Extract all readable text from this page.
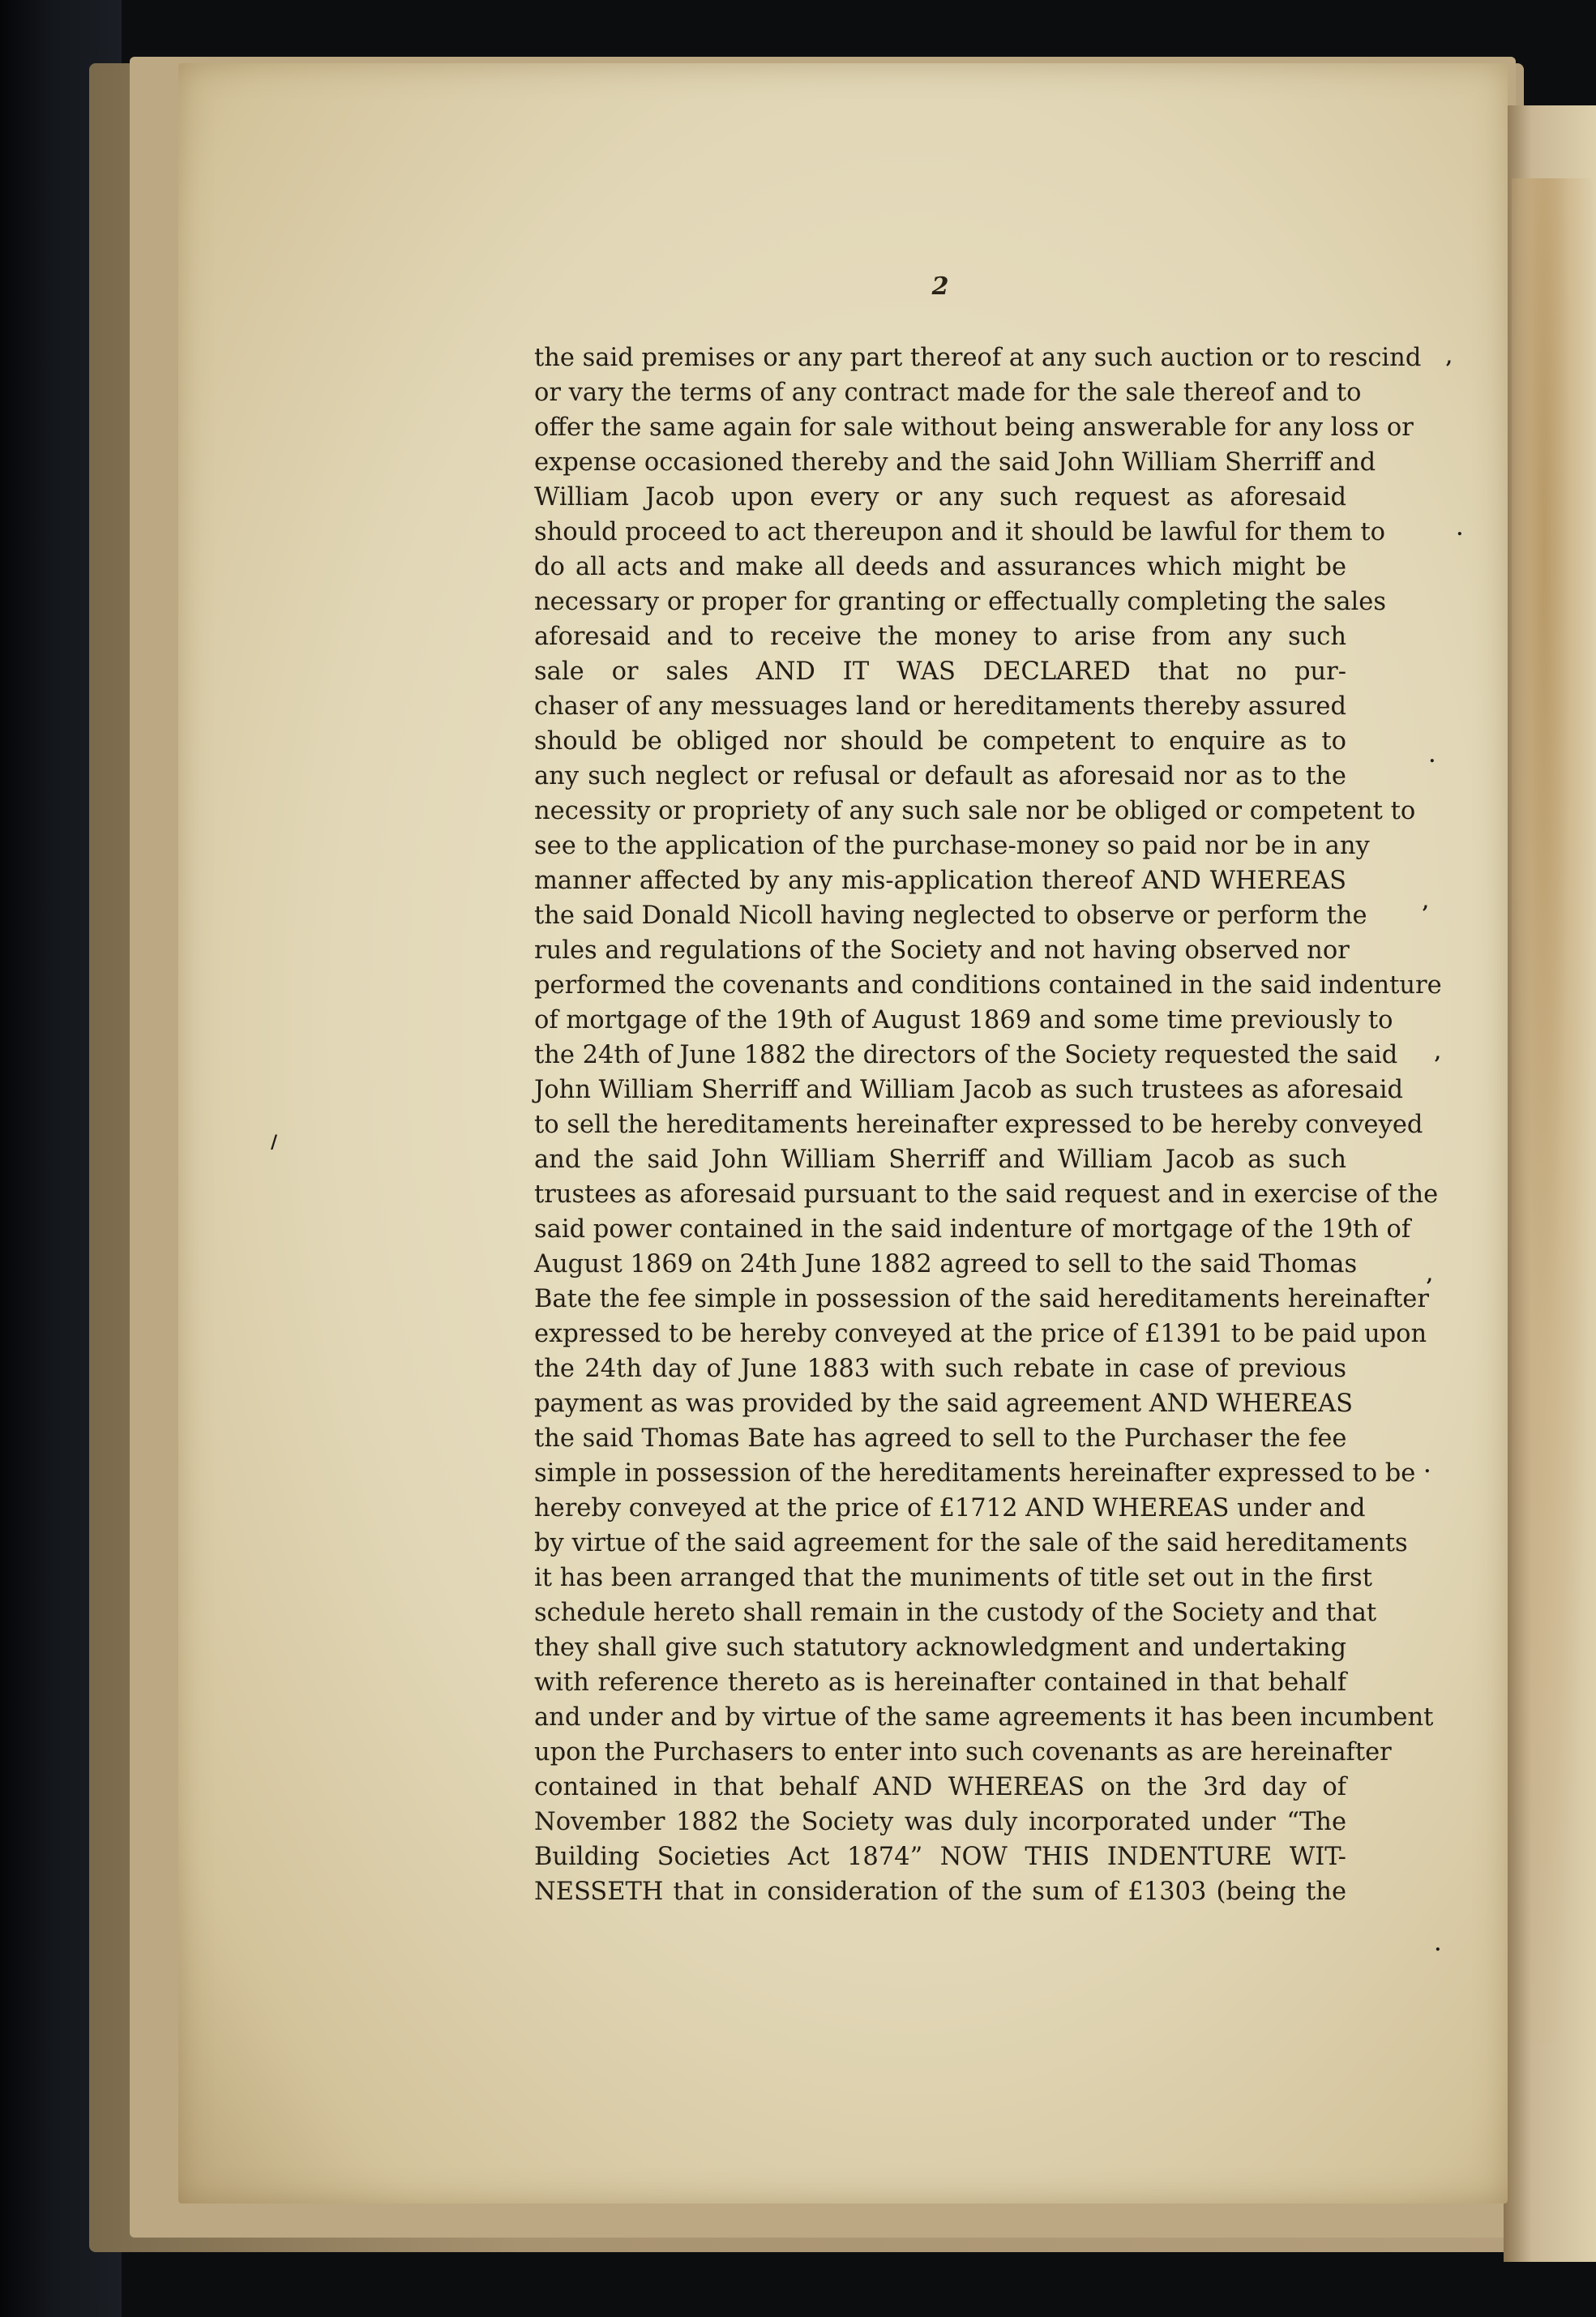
2
the said premises or any part thereof at any such auction or to rescind
or vary the terms of any contract made for the sale thereof and to
offer the same again for sale without being answerable for any loss or
expense occasioned thereby and the said John William Sherriff and
William Jacob upon every or any such request as aforesaid
should proceed to act thereupon and it should be lawful for them to
do all acts and make all deeds and assurances which might be
necessary or proper for granting or effectually completing the sales
aforesaid and to receive the money to arise from any such
sale or sales AND IT WAS DECLARED that no pur-
chaser of any messuages land or hereditaments thereby assured
should be obliged nor should be competent to enquire as to
any such neglect or refusal or default as aforesaid nor as to the
necessity or propriety of any such sale nor be obliged or competent to
see to the application of the purchase-money so paid nor be in any
manner affected by any mis-application thereof AND WHEREAS
the said Donald Nicoll having neglected to observe or perform the
rules and regulations of the Society and not having observed nor
performed the covenants and conditions contained in the said indenture
of mortgage of the 19th of August 1869 and some time previously to
the 24th of June 1882 the directors of the Society requested the said
John William Sherriff and William Jacob as such trustees as aforesaid
to sell the hereditaments hereinafter expressed to be hereby conveyed
and the said John William Sherriff and William Jacob as such
trustees as aforesaid pursuant to the said request and in exercise of the
said power contained in the said indenture of mortgage of the 19th of
August 1869 on 24th June 1882 agreed to sell to the said Thomas
Bate the fee simple in possession of the said hereditaments hereinafter
expressed to be hereby conveyed at the price of £1391 to be paid upon
the 24th day of June 1883 with such rebate in case of previous
payment as was provided by the said agreement AND WHEREAS
the said Thomas Bate has agreed to sell to the Purchaser the fee
simple in possession of the hereditaments hereinafter expressed to be
hereby conveyed at the price of £1712 AND WHEREAS under and
by virtue of the said agreement for the sale of the said hereditaments
it has been arranged that the muniments of title set out in the first
schedule hereto shall remain in the custody of the Society and that
they shall give such statutory acknowledgment and undertaking
with reference thereto as is hereinafter contained in that behalf
and under and by virtue of the same agreements it has been incumbent
upon the Purchasers to enter into such covenants as are hereinafter
contained in that behalf AND WHEREAS on the 3rd day of
November 1882 the Society was duly incorporated under “The
Building Societies Act 1874” NOW THIS INDENTURE WIT-
NESSETH that in consideration of the sum of £1303 (being the
,
.
.
,
,
,
.
.
/
